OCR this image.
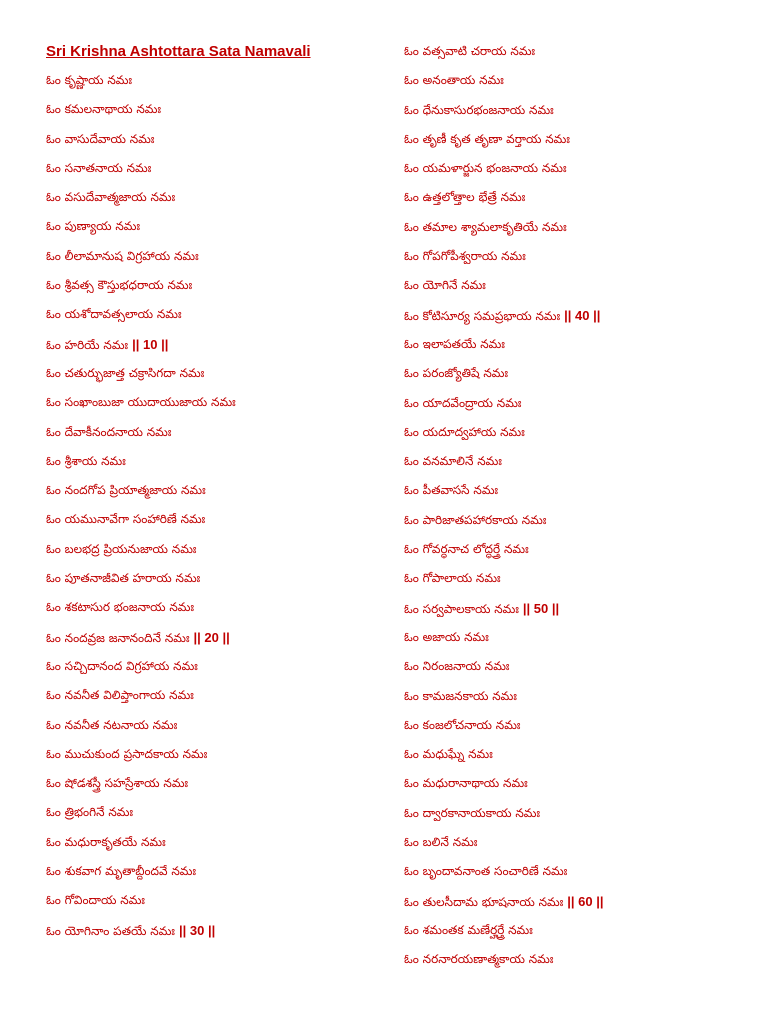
Sri Krishna Ashtottara Sata Namavali
ఓం కృష్ణాయ నమః
ఓం కమలనాథాయ నమః
ఓం వాసుదేవాయ నమః
ఓం సనాతనాయ నమః
ఓం వసుదేవాత్మజాయ నమః
ఓం పుణ్యాయ నమః
ఓం లీలామానుష విగ్రహాయ నమః
ఓం శ్రీవత్స కౌస్తుభధరాయ నమః
ఓం యశోదావత్సలాయ నమః
ఓం హరియే నమః || 10 ||
ఓం చతుర్భుజాత్త చక్రాసిగదా నమః
ఓం సంఖాంబుజా యుదాయుజాయ నమః
ఓం దేవాకీనందనాయ నమః
ఓం శ్రీశాయ నమః
ఓం నందగోప ప్రియాత్మజాయ నమః
ఓం యమునావేగా సంహారిణే నమః
ఓం బలభద్ర ప్రియనుజాయ నమః
ఓం పూతనాజీవిత హరాయ నమః
ఓం శకటాసుర భంజనాయ నమః
ఓం నందవ్రజ జనానందినే నమః || 20 ||
ఓం సచ్చిదానంద విగ్రహాయ నమః
ఓం నవనీత విలిప్తాంగాయ నమః
ఓం నవనీత నటనాయ నమః
ఓం ముచుకుంద ప్రసాదకాయ నమః
ఓం షోడశస్త్రీ సహస్రేశాయ నమః
ఓం త్రిభంగినే నమః
ఓం మధురాకృతయే నమః
ఓం శుకవాగ మృతాబ్దీందవే నమః
ఓం గోవిందాయ నమః
ఓం యోగినాం పతయే నమః || 30 ||
ఓం వత్సవాటి చరాయ నమః
ఓం అనంతాయ నమః
ఓం ధేనుకాసురభంజనాయ నమః
ఓం తృణీ కృత తృణా వర్తాయ నమః
ఓం యమళార్జున భంజనాయ నమః
ఓం ఉత్తలోత్తాల భేత్రే నమః
ఓం తమాల శ్యామలాకృతియే నమః
ఓం గోపగోపీశ్వరాయ నమః
ఓం యోగినే నమః
ఓం కోటిసూర్య సమప్రభాయ నమః || 40 ||
ఓం ఇలాపతయే నమః
ఓం పరంజ్యోతిషే నమః
ఓం యాదవేంద్రాయ నమః
ఓం యదూద్వహాయ నమః
ఓం వనమాలినే నమః
ఓం పీతవాససే నమః
ఓం పారిజాతపహారకాయ నమః
ఓం గోవర్ధనాచ లోద్ధర్త్రే నమః
ఓం గోపాలాయ నమః
ఓం సర్వపాలకాయ నమః || 50 ||
ఓం అజాయ నమః
ఓం నిరంజనాయ నమః
ఓం కామజనకాయ నమః
ఓం కంజలోచనాయ నమః
ఓం మధుఘ్నే నమః
ఓం మధురానాథాయ నమః
ఓం ద్వారకానాయకాయ నమః
ఓం బలినే నమః
ఓం బృందావనాంత సంచారిణే నమః
ఓం తులసీదామ భూషనాయ నమః || 60 ||
ఓం శమంతక మణేర్హర్త్రే నమః
ఓం నరనారయణాత్మకాయ నమః
